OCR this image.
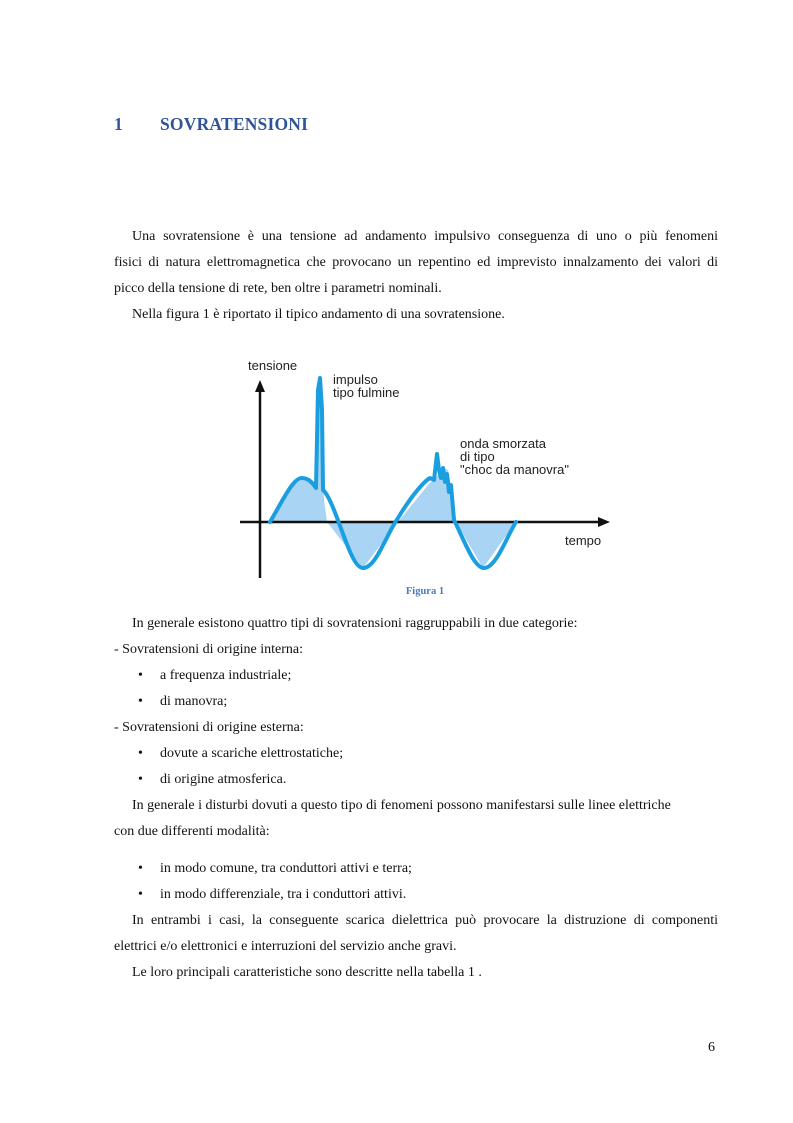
1 SOVRATENSIONI
Una sovratensione è una tensione ad andamento impulsivo conseguenza di uno o più fenomeni
fisici di natura elettromagnetica che provocano un repentino ed imprevisto innalzamento dei valori di
picco della tensione di rete, ben oltre i parametri nominali.
Nella figura 1 è riportato il tipico andamento di una sovratensione.
tensione
tempo
impulso
tipo fulmine
onda smorzata
di tipo
"choc da manovra"
Figura 1
In generale esistono quattro tipi di sovratensioni raggruppabili in due categorie:
- Sovratensioni di origine interna:
• a frequenza industriale;
• di manovra;
- Sovratensioni di origine esterna:
• dovute a scariche elettrostatiche;
• di origine atmosferica.
In generale i disturbi dovuti a questo tipo di fenomeni possono manifestarsi sulle linee elettriche
con due differenti modalità:
• in modo comune, tra conduttori attivi e terra;
• in modo differenziale, tra i conduttori attivi.
In entrambi i casi, la conseguente scarica dielettrica può provocare la distruzione di componenti
elettrici e/o elettronici e interruzioni del servizio anche gravi.
Le loro principali caratteristiche sono descritte nella tabella 1 .
6
